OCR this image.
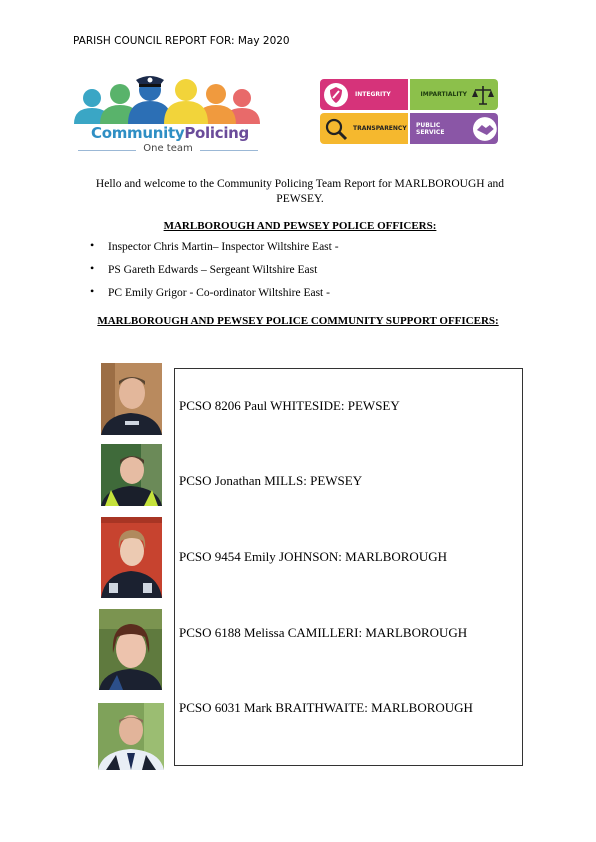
PARISH COUNCIL REPORT FOR: May 2020
CommunityPolicing
One team
INTEGRITY	IMPARTIALITY
TRANSPARENCY PUBLIC SERVICE
Hello and welcome to the Community Policing Team Report for MARLBOROUGH and PEWSEY.
MARLBOROUGH AND PEWSEY POLICE OFFICERS:
• Inspector Chris Martin– Inspector Wiltshire East -
• PS Gareth Edwards – Sergeant Wiltshire East
• PC Emily Grigor - Co-ordinator Wiltshire East -
MARLBOROUGH AND PEWSEY POLICE COMMUNITY SUPPORT OFFICERS:
PCSO 8206 Paul WHITESIDE: PEWSEY
PCSO Jonathan MILLS: PEWSEY
PCSO 9454 Emily JOHNSON: MARLBOROUGH
PCSO 6188 Melissa CAMILLERI: MARLBOROUGH
PCSO 6031 Mark BRAITHWAITE: MARLBOROUGH
